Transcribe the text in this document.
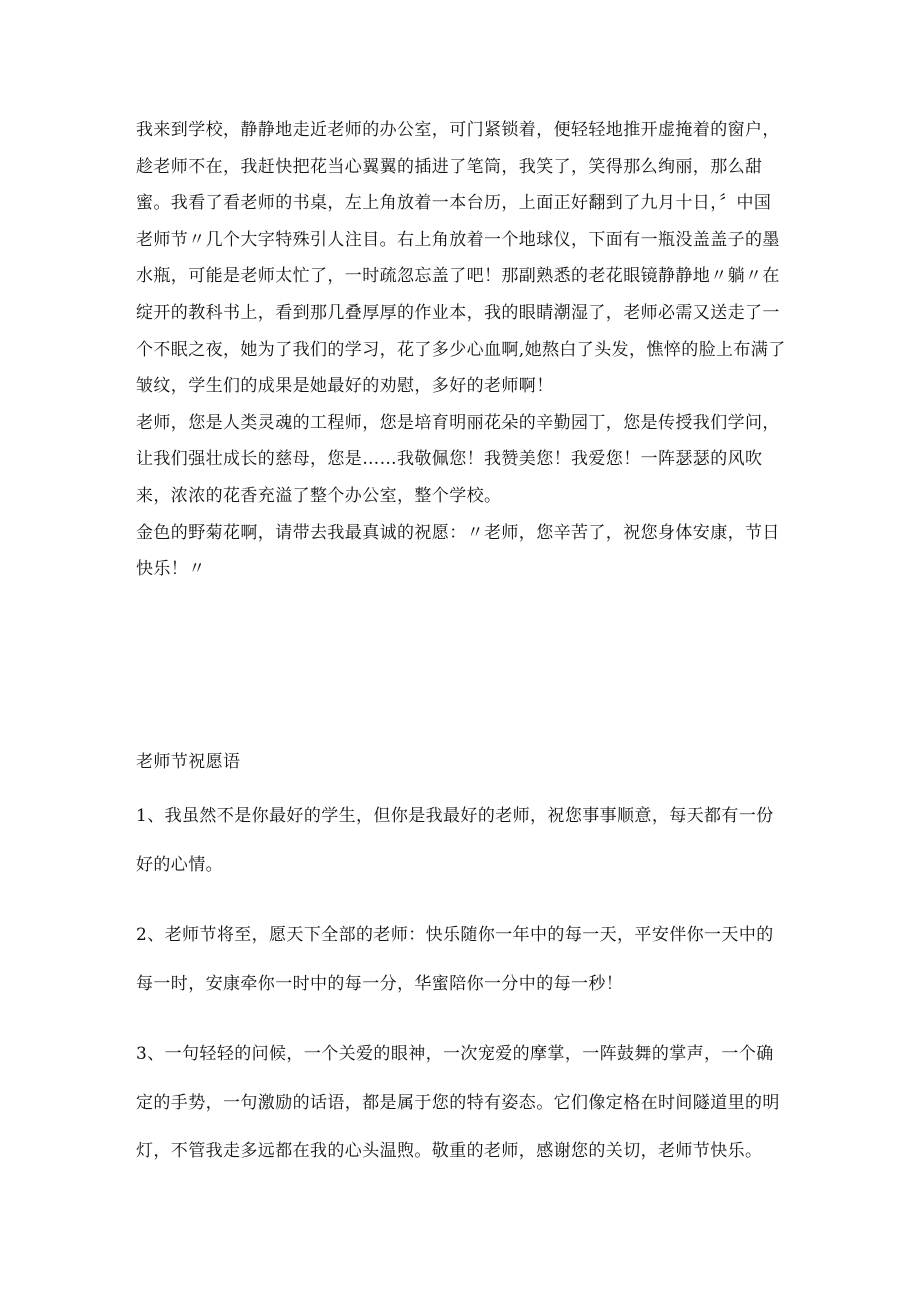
我来到学校，静静地走近老师的办公室，可门紧锁着，便轻轻地推开虚掩着的窗户，趁老师不在，我赶快把花当心翼翼的插进了笔筒，我笑了，笑得那么绚丽，那么甜蜜。我看了看老师的书桌，左上角放着一本台历，上面正好翻到了九月十日，〞中国老师节〃几个大字特殊引人注目。右上角放着一个地球仪，下面有一瓶没盖盖子的墨水瓶，可能是老师太忙了，一时疏忽忘盖了吧！那副熟悉的老花眼镜静静地〃躺〃在绽开的教科书上，看到那几叠厚厚的作业本，我的眼睛潮湿了，老师必需又送走了一个不眠之夜，她为了我们的学习，花了多少心血啊,她熬白了头发，憔悴的脸上布满了皱纹，学生们的成果是她最好的劝慰，多好的老师啊！

老师，您是人类灵魂的工程师，您是培育明丽花朵的辛勤园丁，您是传授我们学问，让我们强壮成长的慈母，您是……我敬佩您！我赞美您！我爱您！一阵瑟瑟的风吹来，浓浓的花香充溢了整个办公室，整个学校。

金色的野菊花啊，请带去我最真诚的祝愿：〃老师，您辛苦了，祝您身体安康，节日快乐！〃

老师节祝愿语

1、我虽然不是你最好的学生，但你是我最好的老师，祝您事事顺意，每天都有一份好的心情。

2、老师节将至，愿天下全部的老师：快乐随你一年中的每一天，平安伴你一天中的每一时，安康牵你一时中的每一分，华蜜陪你一分中的每一秒！

3、一句轻轻的问候，一个关爱的眼神，一次宠爱的摩掌，一阵鼓舞的掌声，一个确定的手势，一句激励的话语，都是属于您的特有姿态。它们像定格在时间隧道里的明灯，不管我走多远都在我的心头温煦。敬重的老师，感谢您的关切，老师节快乐。
